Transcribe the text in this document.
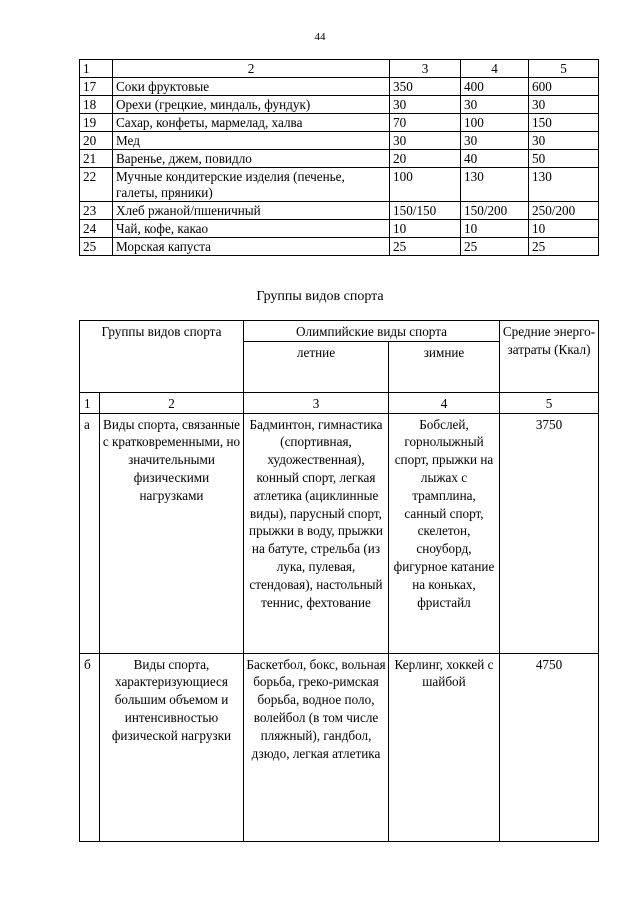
44
1	2	3	4	5
17	Соки фруктовые	350	400	600
18	Орехи (грецкие, миндаль, фундук)	30	30	30
19	Сахар, конфеты, мармелад, халва	70	100	150
20	Мед	30	30	30
21	Варенье, джем, повидло	20	40	50
22	Мучные кондитерские изделия (печенье, галеты, пряники)	100	130	130
23	Хлеб ржаной/пшеничный	150/150	150/200	250/200
24	Чай, кофе, какао	10	10	10
25	Морская капуста	25	25	25
Группы видов спорта
Группы видов спорта		Олимпийские виды спорта		Средние энерго-затраты (Ккал)
		летние	зимние	
1	2	3	4	5
а	Виды спорта, связанные с кратковременными, но значительными физическими нагрузками	Бадминтон, гимнастика (спортивная, художественная), конный спорт, легкая атлетика (ациклинные виды), парусный спорт, прыжки в воду, прыжки на батуте, стрельба (из лука, пулевая, стендовая), настольный теннис, фехтование	Бобслей, горнолыжный спорт, прыжки на лыжах с трамплина, санный спорт, скелетон, сноуборд, фигурное катание на коньках, фристайл	3750
б	Виды спорта, характеризующиеся большим объемом и интенсивностью физической нагрузки	Баскетбол, бокс, вольная борьба, греко-римская борьба, водное поло, волейбол (в том числе пляжный), гандбол, дзюдо, легкая атлетика	Керлинг, хоккей с шайбой	4750
